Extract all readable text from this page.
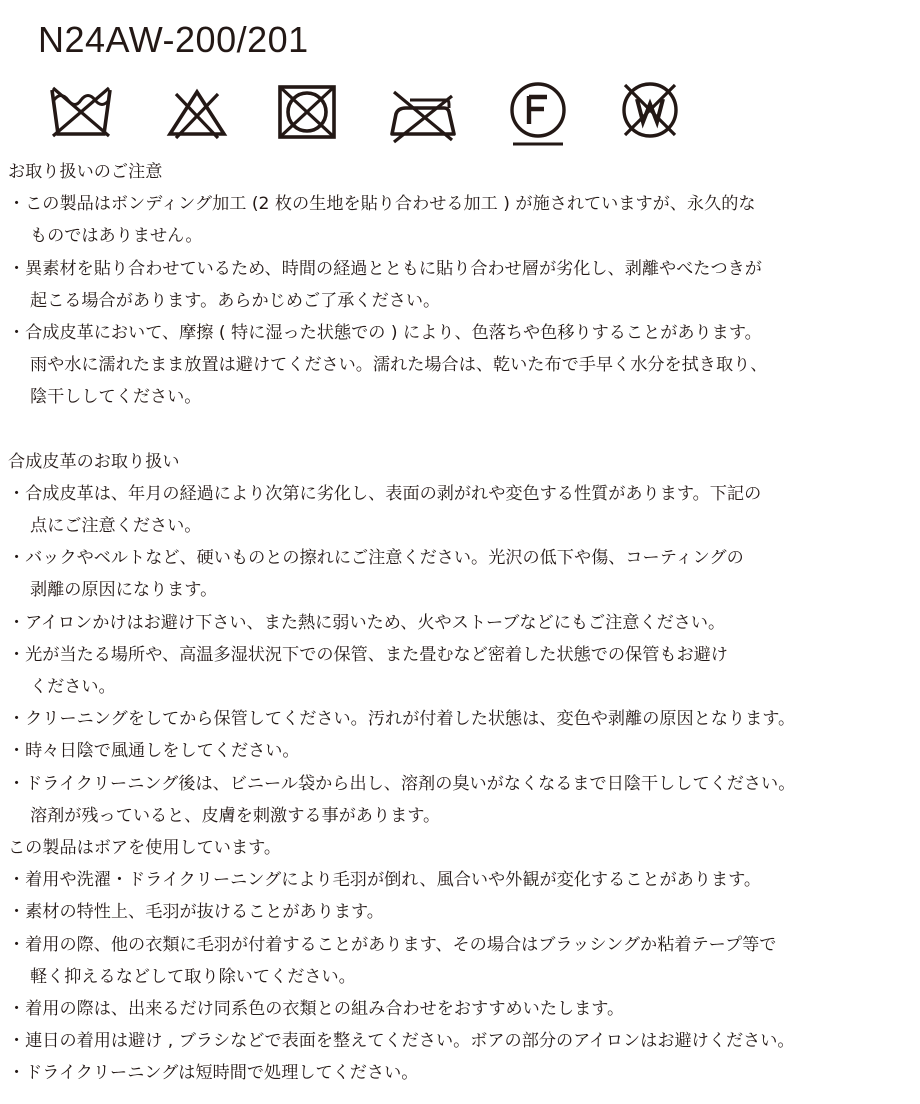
N24AW-200/201
お取り扱いのご注意
・この製品はボンディング加工 (2 枚の生地を貼り合わせる加工 ) が施されていますが、永久的な
ものではありません。
・異素材を貼り合わせているため、時間の経過とともに貼り合わせ層が劣化し、剥離やべたつきが
起こる場合があります。あらかじめご了承ください。
・合成皮革において、摩擦 ( 特に湿った状態での ) により、色落ちや色移りすることがあります。
雨や水に濡れたまま放置は避けてください。濡れた場合は、乾いた布で手早く水分を拭き取り、
陰干ししてください。
合成皮革のお取り扱い
・合成皮革は、年月の経過により次第に劣化し、表面の剥がれや変色する性質があります。下記の
点にご注意ください。
・バックやベルトなど、硬いものとの擦れにご注意ください。光沢の低下や傷、コーティングの
剥離の原因になります。
・アイロンかけはお避け下さい、また熱に弱いため、火やストーブなどにもご注意ください。
・光が当たる場所や、高温多湿状況下での保管、また畳むなど密着した状態での保管もお避け
ください。
・クリーニングをしてから保管してください。汚れが付着した状態は、変色や剥離の原因となります。
・時々日陰で風通しをしてください。
・ドライクリーニング後は、ビニール袋から出し、溶剤の臭いがなくなるまで日陰干ししてください。
溶剤が残っていると、皮膚を刺激する事があります。
この製品はボアを使用しています。
・着用や洗濯・ドライクリーニングにより毛羽が倒れ、風合いや外観が変化することがあります。
・素材の特性上、毛羽が抜けることがあります。
・着用の際、他の衣類に毛羽が付着することがあります、その場合はブラッシングか粘着テープ等で
軽く抑えるなどして取り除いてください。
・着用の際は、出来るだけ同系色の衣類との組み合わせをおすすめいたします。
・連日の着用は避け , ブラシなどで表面を整えてください。ボアの部分のアイロンはお避けください。
・ドライクリーニングは短時間で処理してください。
